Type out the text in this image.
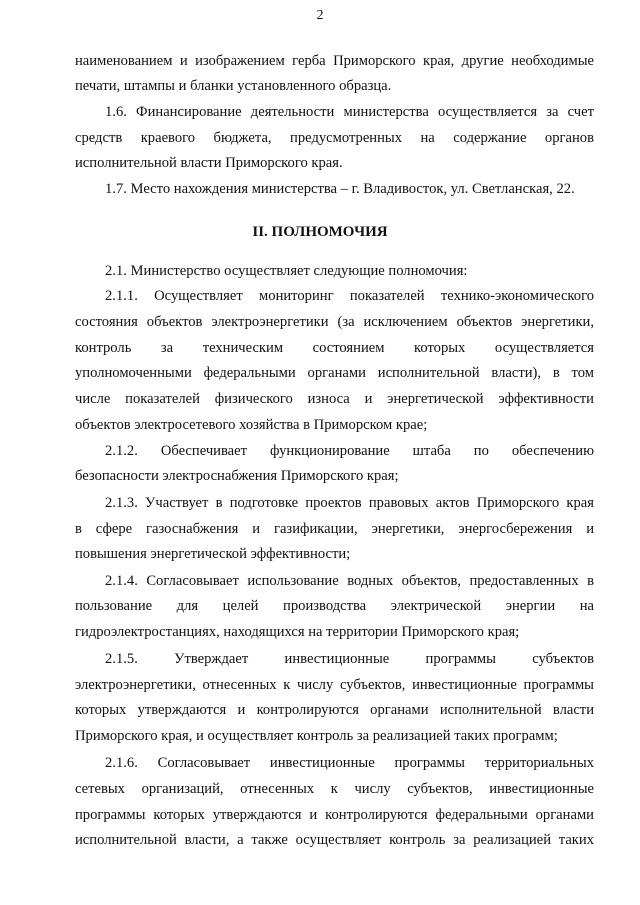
2
наименованием и изображением герба Приморского края, другие необходимые
печати, штампы и бланки установленного образца.
1.6. Финансирование деятельности министерства осуществляется за счет
средств краевого бюджета, предусмотренных на содержание органов
исполнительной власти Приморского края.
1.7. Место нахождения министерства – г. Владивосток, ул. Светланская, 22.
II. ПОЛНОМОЧИЯ
2.1. Министерство осуществляет следующие полномочия:
2.1.1. Осуществляет мониторинг показателей технико-экономического
состояния объектов электроэнергетики (за исключением объектов энергетики,
контроль за техническим состоянием которых осуществляется
уполномоченными федеральными органами исполнительной власти), в том
числе показателей физического износа и энергетической эффективности
объектов электросетевого хозяйства в Приморском крае;
2.1.2. Обеспечивает функционирование штаба по обеспечению
безопасности электроснабжения Приморского края;
2.1.3. Участвует в подготовке проектов правовых актов Приморского края
в сфере газоснабжения и газификации, энергетики, энергосбережения и
повышения энергетической эффективности;
2.1.4. Согласовывает использование водных объектов, предоставленных в
пользование для целей производства электрической энергии на
гидроэлектростанциях, находящихся на территории Приморского края;
2.1.5. Утверждает инвестиционные программы субъектов
электроэнергетики, отнесенных к числу субъектов, инвестиционные программы
которых утверждаются и контролируются органами исполнительной власти
Приморского края, и осуществляет контроль за реализацией таких программ;
2.1.6. Согласовывает инвестиционные программы территориальных
сетевых организаций, отнесенных к числу субъектов, инвестиционные
программы которых утверждаются и контролируются федеральными органами
исполнительной власти, а также осуществляет контроль за реализацией таких
